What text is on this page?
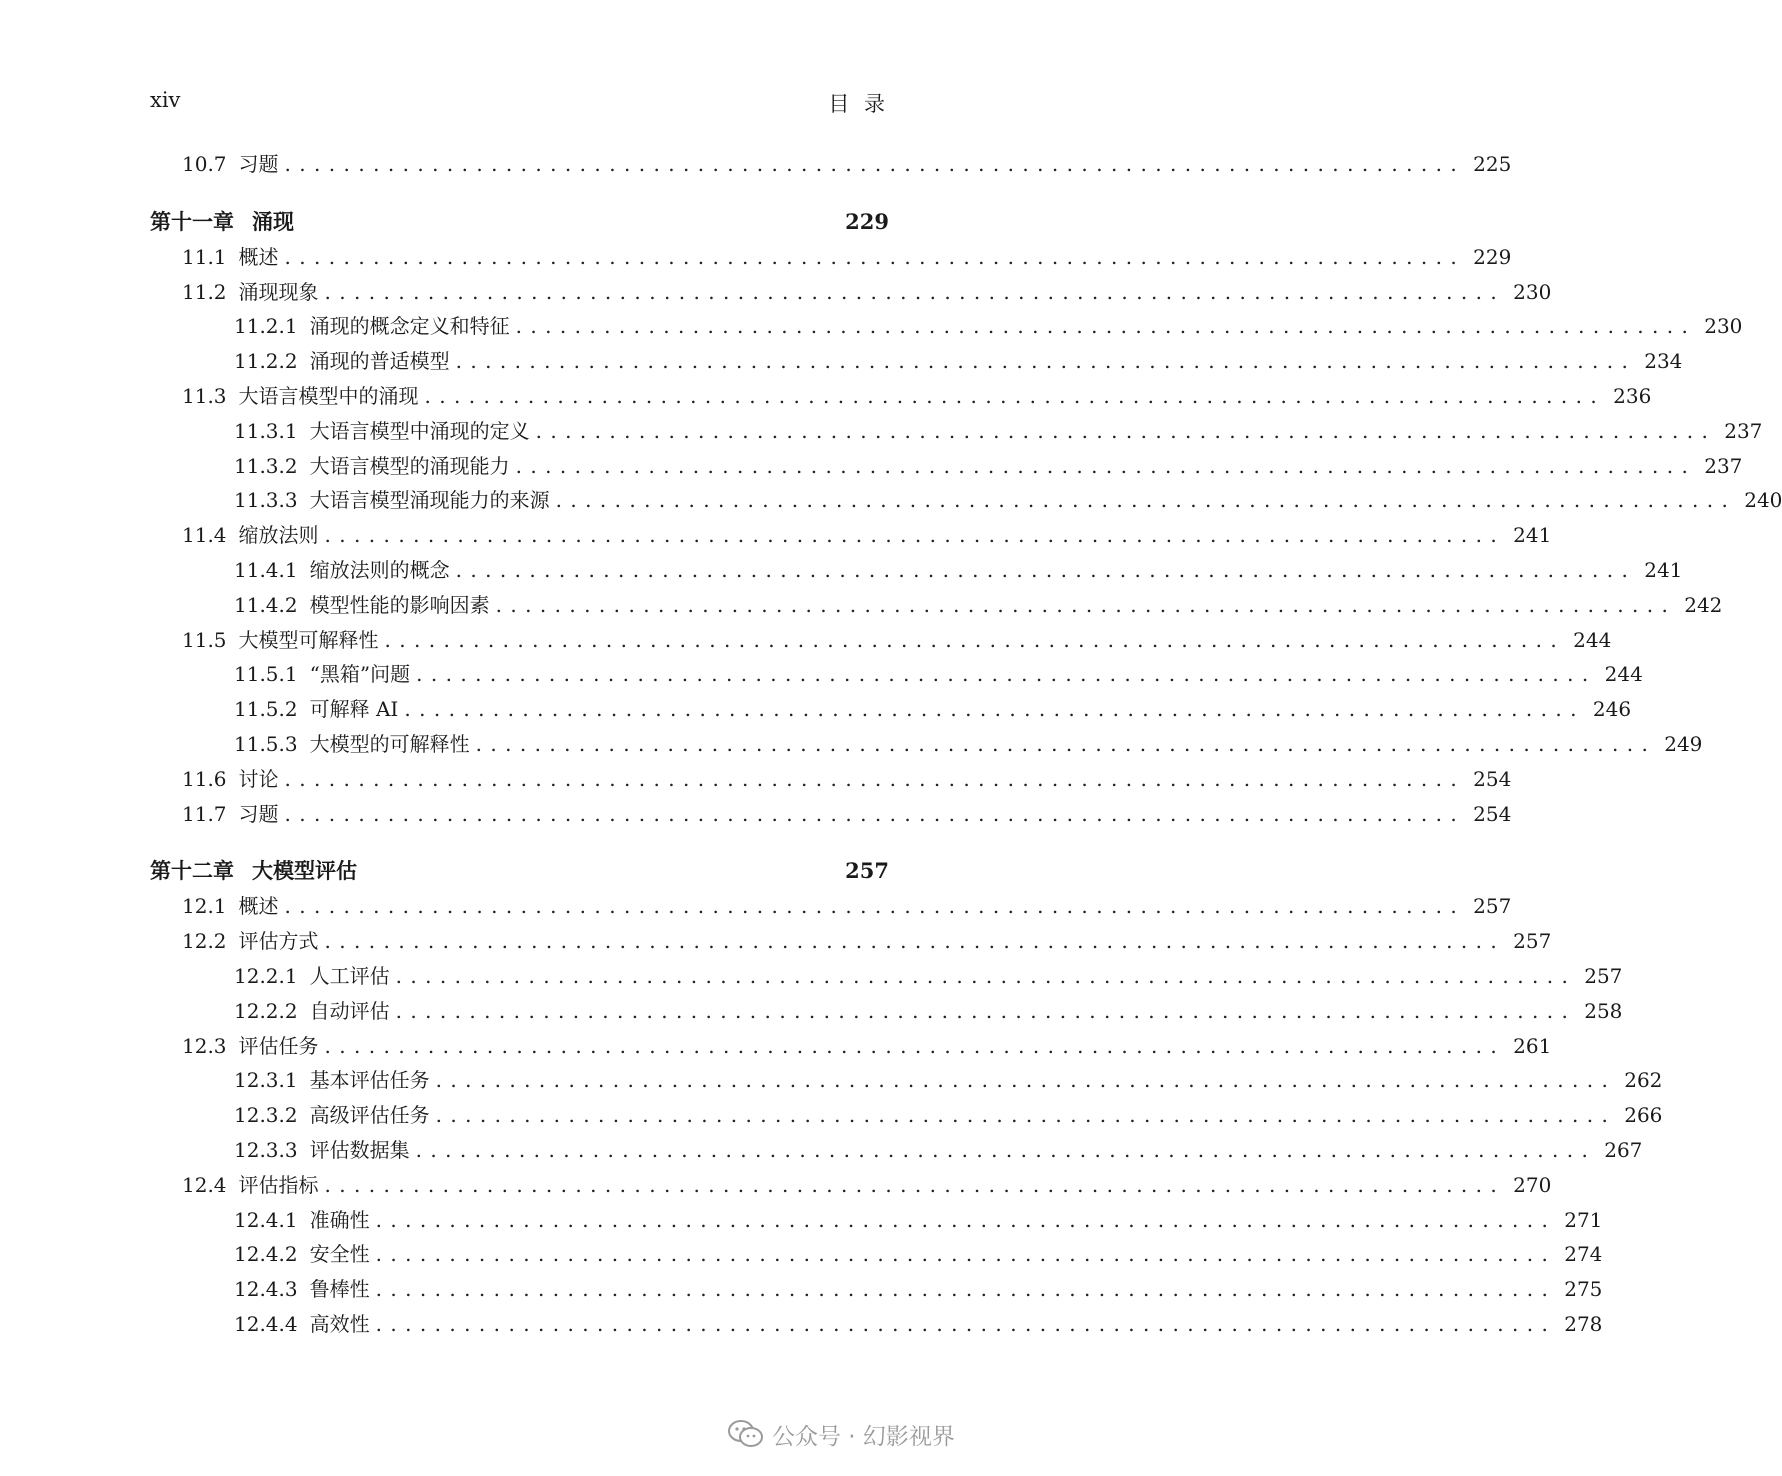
xiv	目 录
10.7 习题 ................................................................................ 225
第十一章 涌现	229
11.1 概述 ................................................................................ 229
11.2 涌现现象 ................................................................................ 230
11.2.1 涌现的概念定义和特征 ................................................................................ 230
11.2.2 涌现的普适模型 ................................................................................ 234
11.3 大语言模型中的涌现 ................................................................................ 236
11.3.1 大语言模型中涌现的定义 ................................................................................ 237
11.3.2 大语言模型的涌现能力 ................................................................................ 237
11.3.3 大语言模型涌现能力的来源 ................................................................................ 240
11.4 缩放法则 ................................................................................ 241
11.4.1 缩放法则的概念 ................................................................................ 241
11.4.2 模型性能的影响因素 ................................................................................ 242
11.5 大模型可解释性 ................................................................................ 244
11.5.1 “黑箱”问题 ................................................................................ 244
11.5.2 可解释 AI ................................................................................ 246
11.5.3 大模型的可解释性 ................................................................................ 249
11.6 讨论 ................................................................................ 254
11.7 习题 ................................................................................ 254
第十二章 大模型评估	257
12.1 概述 ................................................................................ 257
12.2 评估方式 ................................................................................ 257
12.2.1 人工评估 ................................................................................ 257
12.2.2 自动评估 ................................................................................ 258
12.3 评估任务 ................................................................................ 261
12.3.1 基本评估任务 ................................................................................ 262
12.3.2 高级评估任务 ................................................................................ 266
12.3.3 评估数据集 ................................................................................ 267
12.4 评估指标 ................................................................................ 270
12.4.1 准确性 ................................................................................ 271
12.4.2 安全性 ................................................................................ 274
12.4.3 鲁棒性 ................................................................................ 275
12.4.4 高效性 ................................................................................ 278
公众号 · 幻影视界
